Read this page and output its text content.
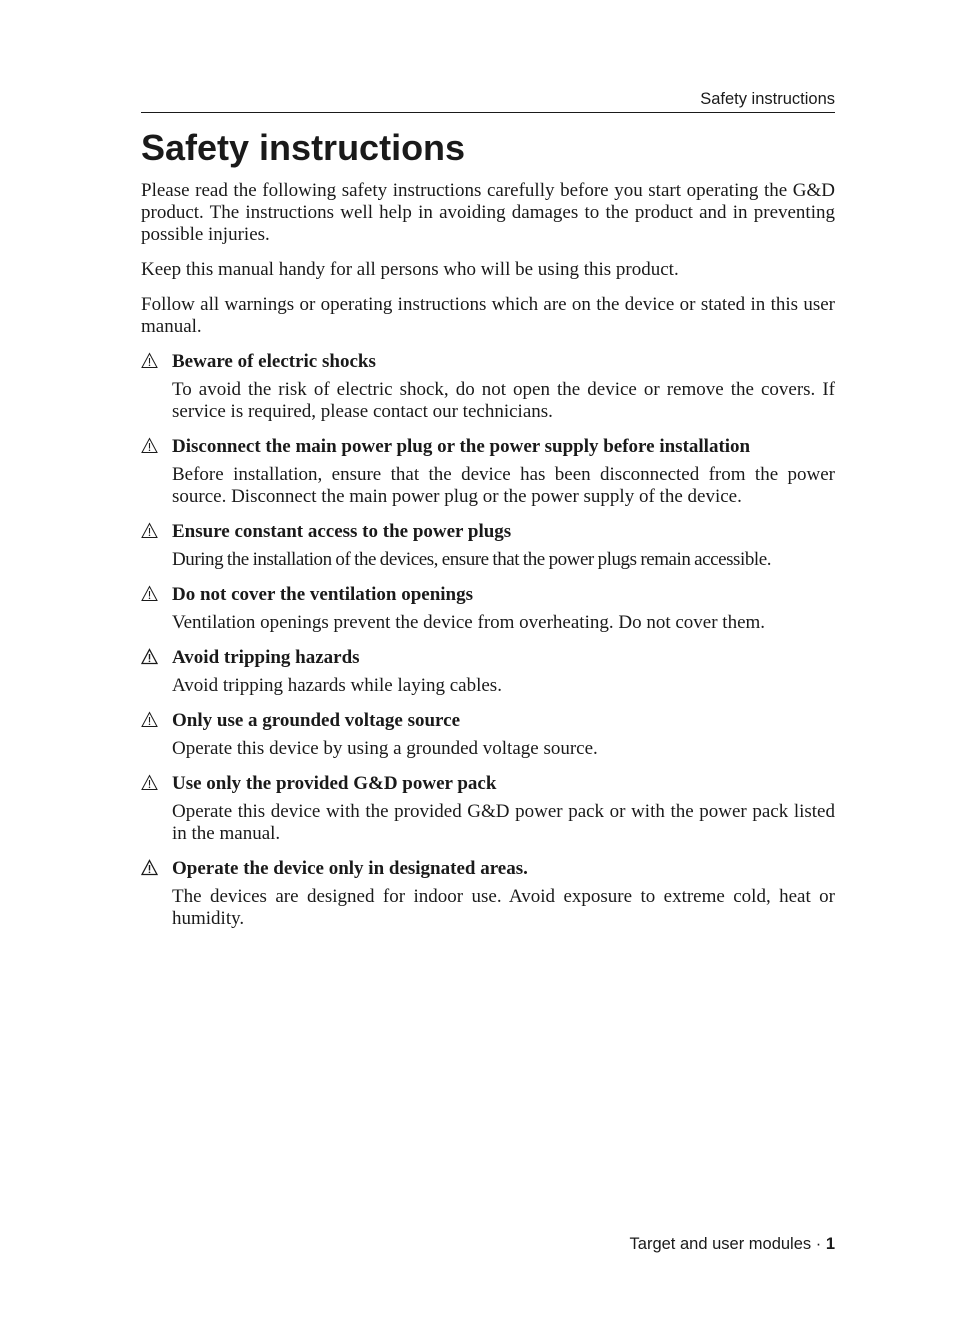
Safety instructions
Safety instructions

Please read the following safety instructions carefully before you start operating the G&D product. The instructions well help in avoiding damages to the product and in preventing possible injuries.

Keep this manual handy for all persons who will be using this product.

Follow all warnings or operating instructions which are on the device or stated in this user manual.

Beware of electric shocks

To avoid the risk of electric shock, do not open the device or remove the covers. If service is required, please contact our technicians.

Disconnect the main power plug or the power supply before installation

Before installation, ensure that the device has been disconnected from the power source. Disconnect the main power plug or the power supply of the device.

Ensure constant access to the power plugs

During the installation of the devices, ensure that the power plugs remain accessible.

Do not cover the ventilation openings

Ventilation openings prevent the device from overheating. Do not cover them.

Avoid tripping hazards

Avoid tripping hazards while laying cables.

Only use a grounded voltage source

Operate this device by using a grounded voltage source.

Use only the provided G&D power pack

Operate this device with the provided G&D power pack or with the power pack listed in the manual.

Operate the device only in designated areas.

The devices are designed for indoor use. Avoid exposure to extreme cold, heat or humidity.

Target and user modules · 1
